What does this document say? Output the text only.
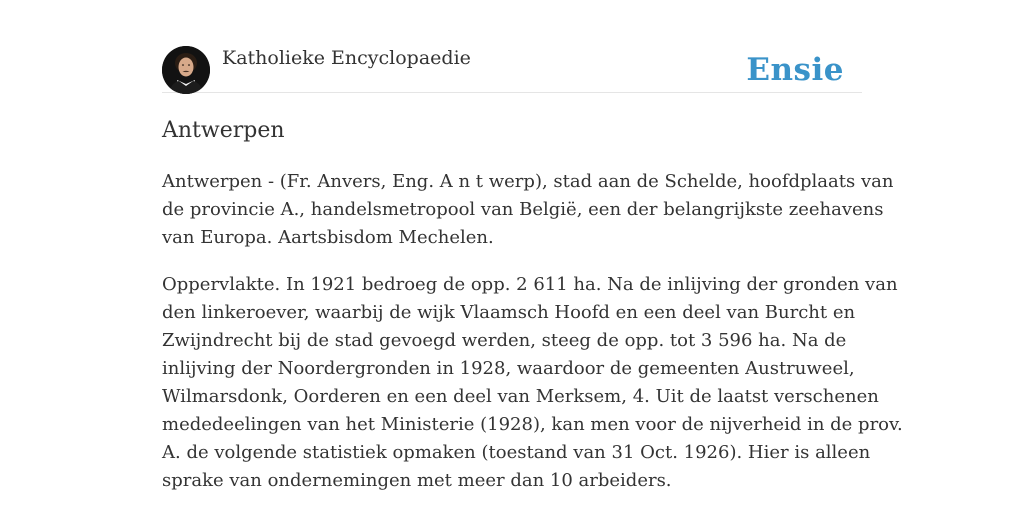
Katholieke Encyclopaedie	Ensie
Antwerpen

Antwerpen - (Fr. Anvers, Eng. A n t werp), stad aan de Schelde, hoofdplaats van
de provincie A., handelsmetropool van België, een der belangrijkste zeehavens
van Europa. Aartsbisdom Mechelen.

Oppervlakte. In 1921 bedroeg de opp. 2 611 ha. Na de inlijving der gronden van
den linkeroever, waarbij de wijk Vlaamsch Hoofd en een deel van Burcht en
Zwijndrecht bij de stad gevoegd werden, steeg de opp. tot 3 596 ha. Na de
inlijving der Noordergronden in 1928, waardoor de gemeenten Austruweel,
Wilmarsdonk, Oorderen en een deel van Merksem, 4. Uit de laatst verschenen
mededeelingen van het Ministerie (1928), kan men voor de nijverheid in de prov.
A. de volgende statistiek opmaken (toestand van 31 Oct. 1926). Hier is alleen
sprake van ondernemingen met meer dan 10 arbeiders.
